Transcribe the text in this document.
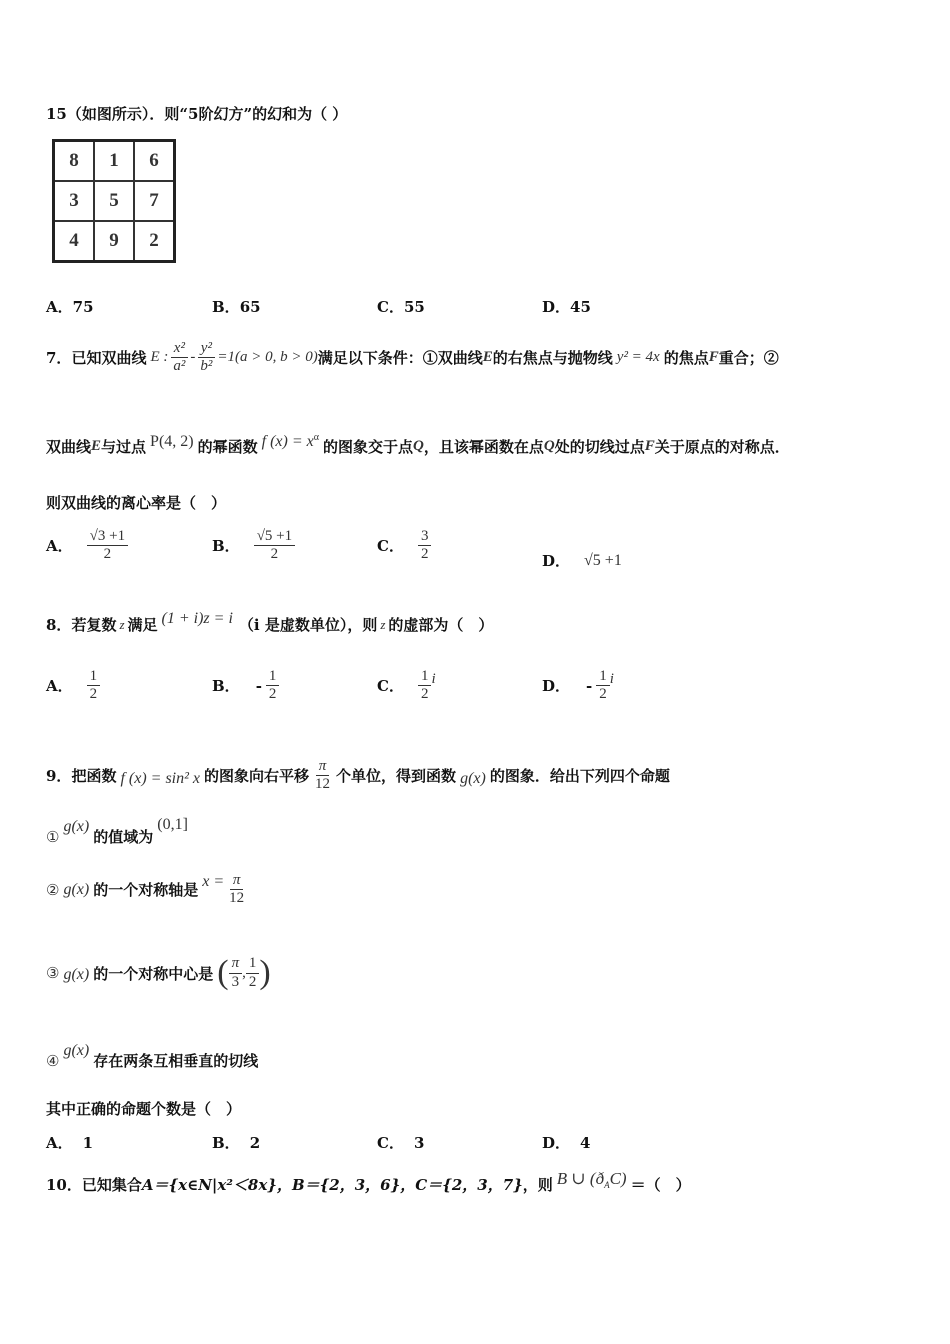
15（如图所示）．则“5阶幻方”的幻和为（ ）
8	1	6
3	5	7
4	9	2
A． 75	B． 65	C． 55	D． 45
7． 已知双曲线 E : $\frac{\text{x²}}{\text{a²}} - \frac{\text{y²}}{\text{b²}} =1(a > 0$, b > 0) 满足以下条件：①双曲线 E 的右焦点与抛物线 y² = 4x 的焦点 F 重合；②
双曲线 E 与过点 P(4, 2) 的幂函数 f $(x) = x^\alpha$
的图象交于点 Q ，且该幂函数在点 Q 处的切线过点 F 关于原点的对称点．
则双曲线的离心率是（　）
A． $\frac{√3 +1}{2}$	B． $\frac{√5 +1}{2}$	C． $\frac{3}{2}$	D． √5 +1
8． 若复数 z 满足 (1 + i)z = i （i 是虚数单位），则 z 的虚部为（　）
A． $\frac{1}{2}$	B． - $\frac{1}{2}$	C． $\frac{1}{2}$ i	D． - $\frac{1}{2}$ i
9． 把函数 f (x) = sin² x 的图象向右平移 $\frac{\pi}{12}$ 个单位，得到函数 g(x) 的图象．给出下列四个命题
①
g(x)
的值域为
(0,1]
② g(x) 的一个对称轴是 $x = \frac{\pi}{12}$
③ g(x) 的一个对称中心是 ( $\frac{\pi}{3}$ , $\frac{1}{2}$ )
④
g(x)
存在两条互相垂直的切线
其中正确的命题个数是（　）
A． 1	B． 2	C． 3	D． 4
10． 已知集合 A＝{x∈N|x²＜8x} ，B＝{2，3，6} ，C＝{2，3，7} ，则 B ∪ $(ð_AC)$ ＝（　）
